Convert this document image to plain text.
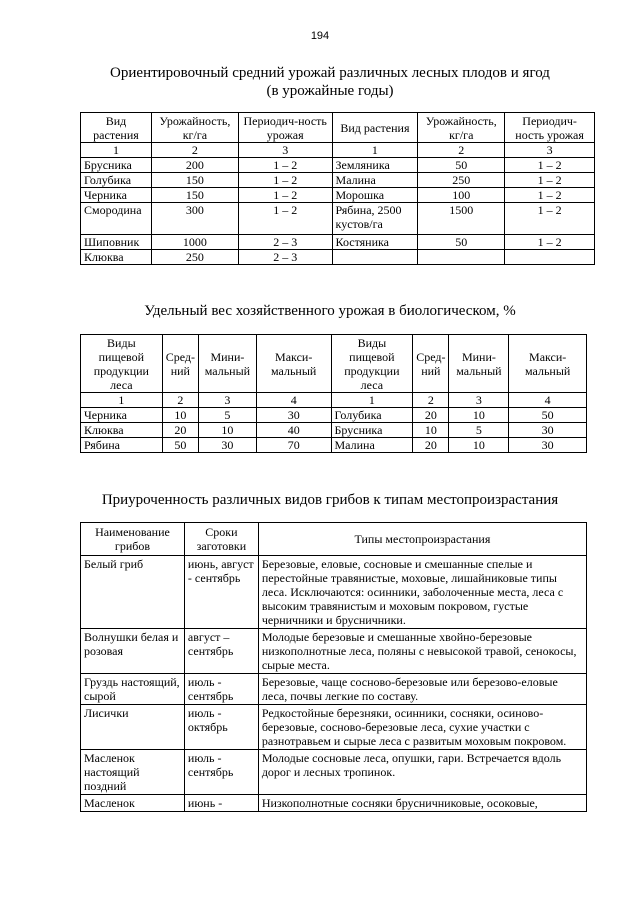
194
Ориентировочный средний урожай различных лесных плодов и ягод
(в урожайные годы)
Вид растения	Урожайность, кг/га	Периодич-ность урожая	Вид растения	Урожайность, кг/га	Периодич-ность урожая
1	2	3	1	2	3
Брусника	200	1 – 2	Земляника	50	1 – 2
Голубика	150	1 – 2	Малина	250	1 – 2
Черника	150	1 – 2	Морошка	100	1 – 2
Смородина	300	1 – 2	Рябина, 2500 кустов/га	1500	1 – 2
Шиповник	1000	2 – 3	Костяника	50	1 – 2
Клюква	250	2 – 3			
Удельный вес хозяйственного урожая в биологическом, %
Виды пищевой продукции леса	Сред-ний	Мини-мальный	Макси-мальный	Виды пищевой продукции леса	Сред-ний	Мини-мальный	Макси-мальный
1	2	3	4	1	2	3	4
Черника	10	5	30	Голубика	20	10	50
Клюква	20	10	40	Брусника	10	5	30
Рябина	50	30	70	Малина	20	10	30
Приуроченность различных видов грибов к типам местопроизрастания
Наименование грибов	Сроки заготовки	Типы местопроизрастания
Белый гриб	июнь, август - сентябрь	Березовые, еловые, сосновые и смешанные спелые и перестойные травянистые, моховые, лишайниковые типы леса. Исключаются: осинники, заболоченные места, леса с высоким травянистым и моховым покровом, густые черничники и брусничники.
Волнушки белая и розовая	август – сентябрь	Молодые березовые и смешанные хвойно-березовые низкополнотные леса, поляны с невысокой травой, сенокосы, сырые места.
Груздь настоящий, сырой	июль - сентябрь	Березовые, чаще сосново-березовые или березово-еловые леса, почвы легкие по составу.
Лисички	июль - октябрь	Редкостойные березняки, осинники, сосняки, осиново-березовые, сосново-березовые леса, сухие участки с разнотравьем и сырые леса с развитым моховым покровом.
Масленок настоящий поздний	июль - сентябрь	Молодые сосновые леса, опушки, гари. Встречается вдоль дорог и лесных тропинок.
Масленок	июнь -	Низкополнотные сосняки брусничниковые, осоковые,
